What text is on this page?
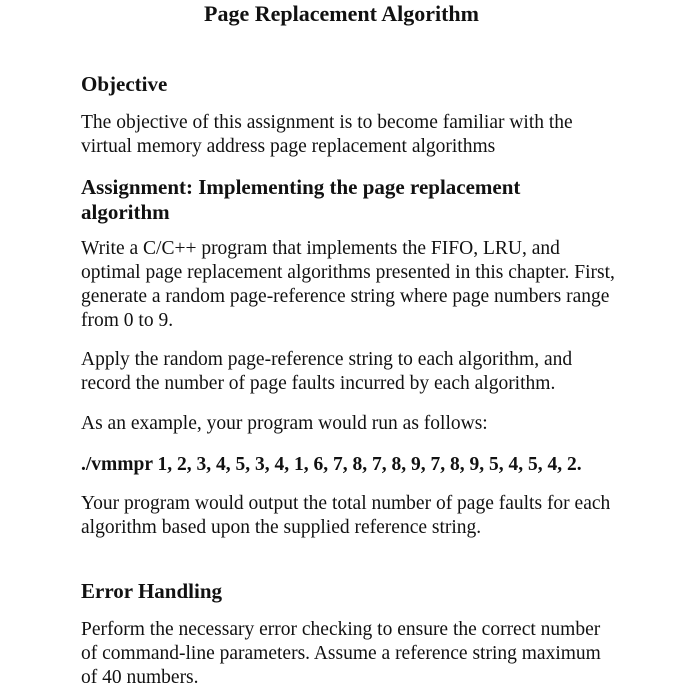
Page Replacement Algorithm
Objective

The objective of this assignment is to become familiar with the virtual memory address page replacement algorithms

Assignment: Implementing the page replacement algorithm

Write a C/C++ program that implements the FIFO, LRU, and optimal page replacement algorithms presented in this chapter. First, generate a random page-reference string where page numbers range from 0 to 9.

Apply the random page-reference string to each algorithm, and record the number of page faults incurred by each algorithm.

As an example, your program would run as follows:

./vmmpr 1, 2, 3, 4, 5, 3, 4, 1, 6, 7, 8, 7, 8, 9, 7, 8, 9, 5, 4, 5, 4, 2.

Your program would output the total number of page faults for each algorithm based upon the supplied reference string.

Error Handling

Perform the necessary error checking to ensure the correct number of command-line parameters. Assume a reference string maximum of 40 numbers.
